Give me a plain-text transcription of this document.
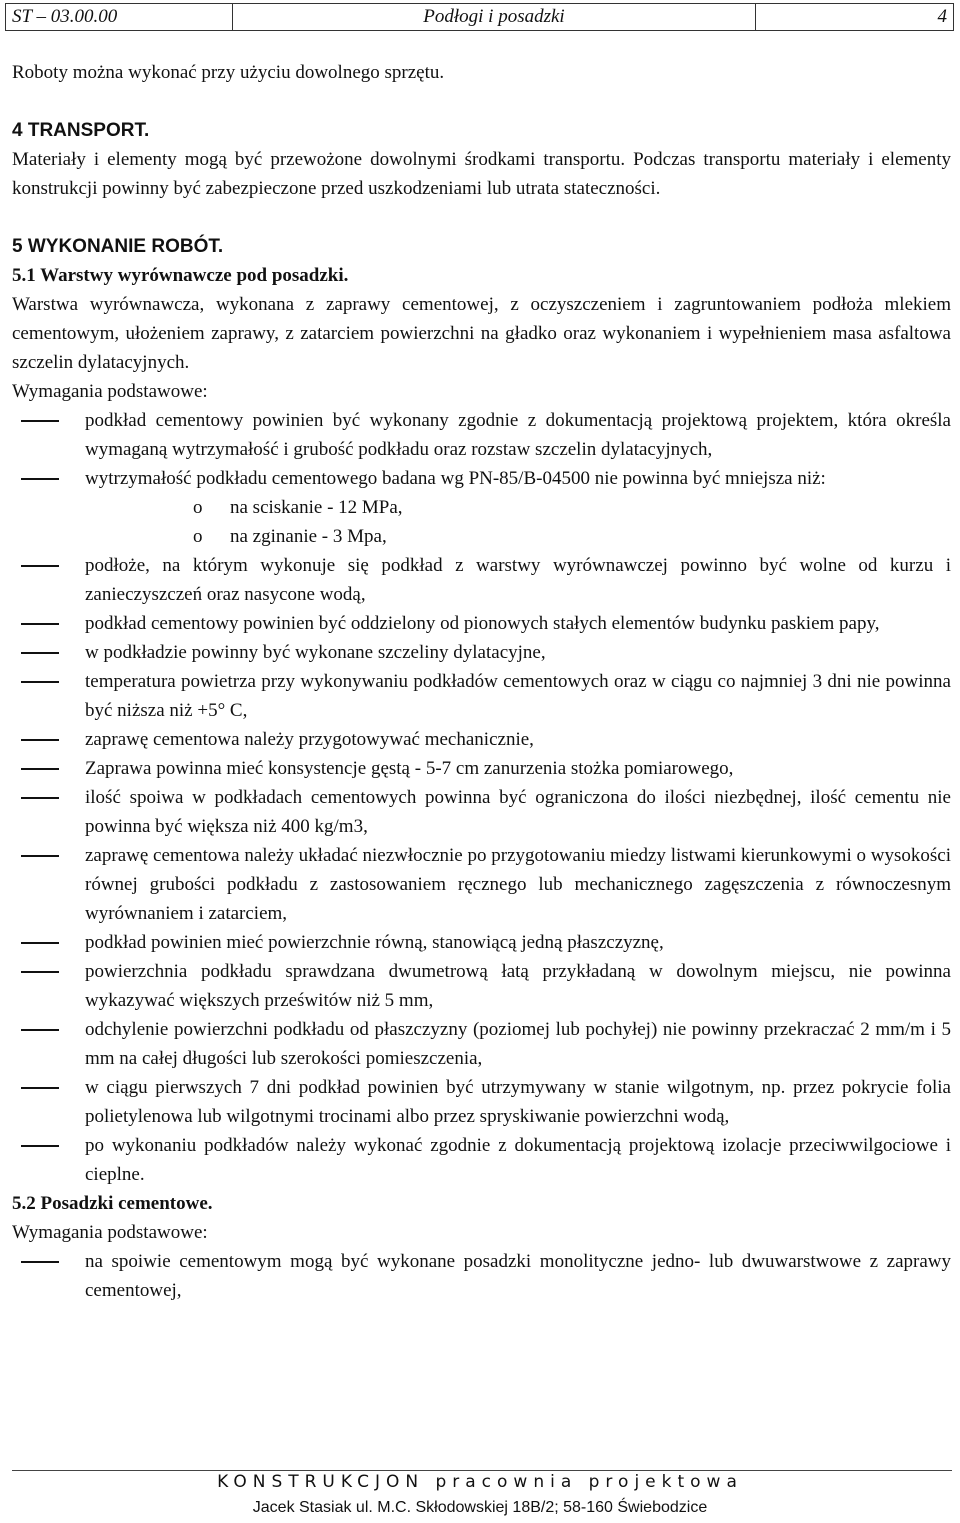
ST – 03.00.00	Podłogi i posadzki	4

Roboty można wykonać przy użyciu dowolnego sprzętu.

4 TRANSPORT.

Materiały i elementy mogą być przewożone dowolnymi środkami transportu. Podczas transportu materiały i elementy konstrukcji powinny być zabezpieczone przed uszkodzeniami lub utrata stateczności.

5 WYKONANIE ROBÓT.

5.1 Warstwy wyrównawcze pod posadzki.

Warstwa wyrównawcza, wykonana z zaprawy cementowej, z oczyszczeniem i zagruntowaniem podłoża mlekiem cementowym, ułożeniem zaprawy, z zatarciem powierzchni na gładko oraz wykonaniem i wypełnieniem masa asfaltowa szczelin dylatacyjnych.

Wymagania podstawowe:

podkład cementowy powinien być wykonany zgodnie z dokumentacją projektową projektem, która określa wymaganą wytrzymałość i grubość podkładu oraz rozstaw szczelin dylatacyjnych,
wytrzymałość podkładu cementowego badana wg PN-85/B-04500 nie powinna być mniejsza niż:
o na sciskanie - 12 MPa,
o na zginanie - 3 Mpa,
podłoże, na którym wykonuje się podkład z warstwy wyrównawczej powinno być wolne od kurzu i zanieczyszczeń oraz nasycone wodą,
podkład cementowy powinien być oddzielony od pionowych stałych elementów budynku paskiem papy,
w podkładzie powinny być wykonane szczeliny dylatacyjne,
temperatura powietrza przy wykonywaniu podkładów cementowych oraz w ciągu co najmniej 3 dni nie powinna być niższa niż +5° C,
zaprawę cementowa należy przygotowywać mechanicznie,
Zaprawa powinna mieć konsystencje gęstą - 5-7 cm zanurzenia stożka pomiarowego,
ilość spoiwa w podkładach cementowych powinna być ograniczona do ilości niezbędnej, ilość cementu nie powinna być większa niż 400 kg/m3,
zaprawę cementowa należy układać niezwłocznie po przygotowaniu miedzy listwami kierunkowymi o wysokości równej grubości podkładu z zastosowaniem ręcznego lub mechanicznego zagęszczenia z równoczesnym wyrównaniem i zatarciem,
podkład powinien mieć powierzchnie równą, stanowiącą jedną płaszczyznę,
powierzchnia podkładu sprawdzana dwumetrową łatą przykładaną w dowolnym miejscu, nie powinna wykazywać większych prześwitów niż 5 mm,
odchylenie powierzchni podkładu od płaszczyzny (poziomej lub pochyłej) nie powinny przekraczać 2 mm/m i 5 mm na całej długości lub szerokości pomieszczenia,
w ciągu pierwszych 7 dni podkład powinien być utrzymywany w stanie wilgotnym, np. przez pokrycie folia polietylenowa lub wilgotnymi trocinami albo przez spryskiwanie powierzchni wodą,
po wykonaniu podkładów należy wykonać zgodnie z dokumentacją projektową izolacje przeciwwilgociowe i cieplne.

5.2 Posadzki cementowe.

Wymagania podstawowe:

na spoiwie cementowym mogą być wykonane posadzki monolityczne jedno- lub dwuwarstwowe z zaprawy cementowej,
KONSTRUKCJON pracownia projektowa
Jacek Stasiak ul. M.C. Skłodowskiej 18B/2; 58-160 Świebodzice
